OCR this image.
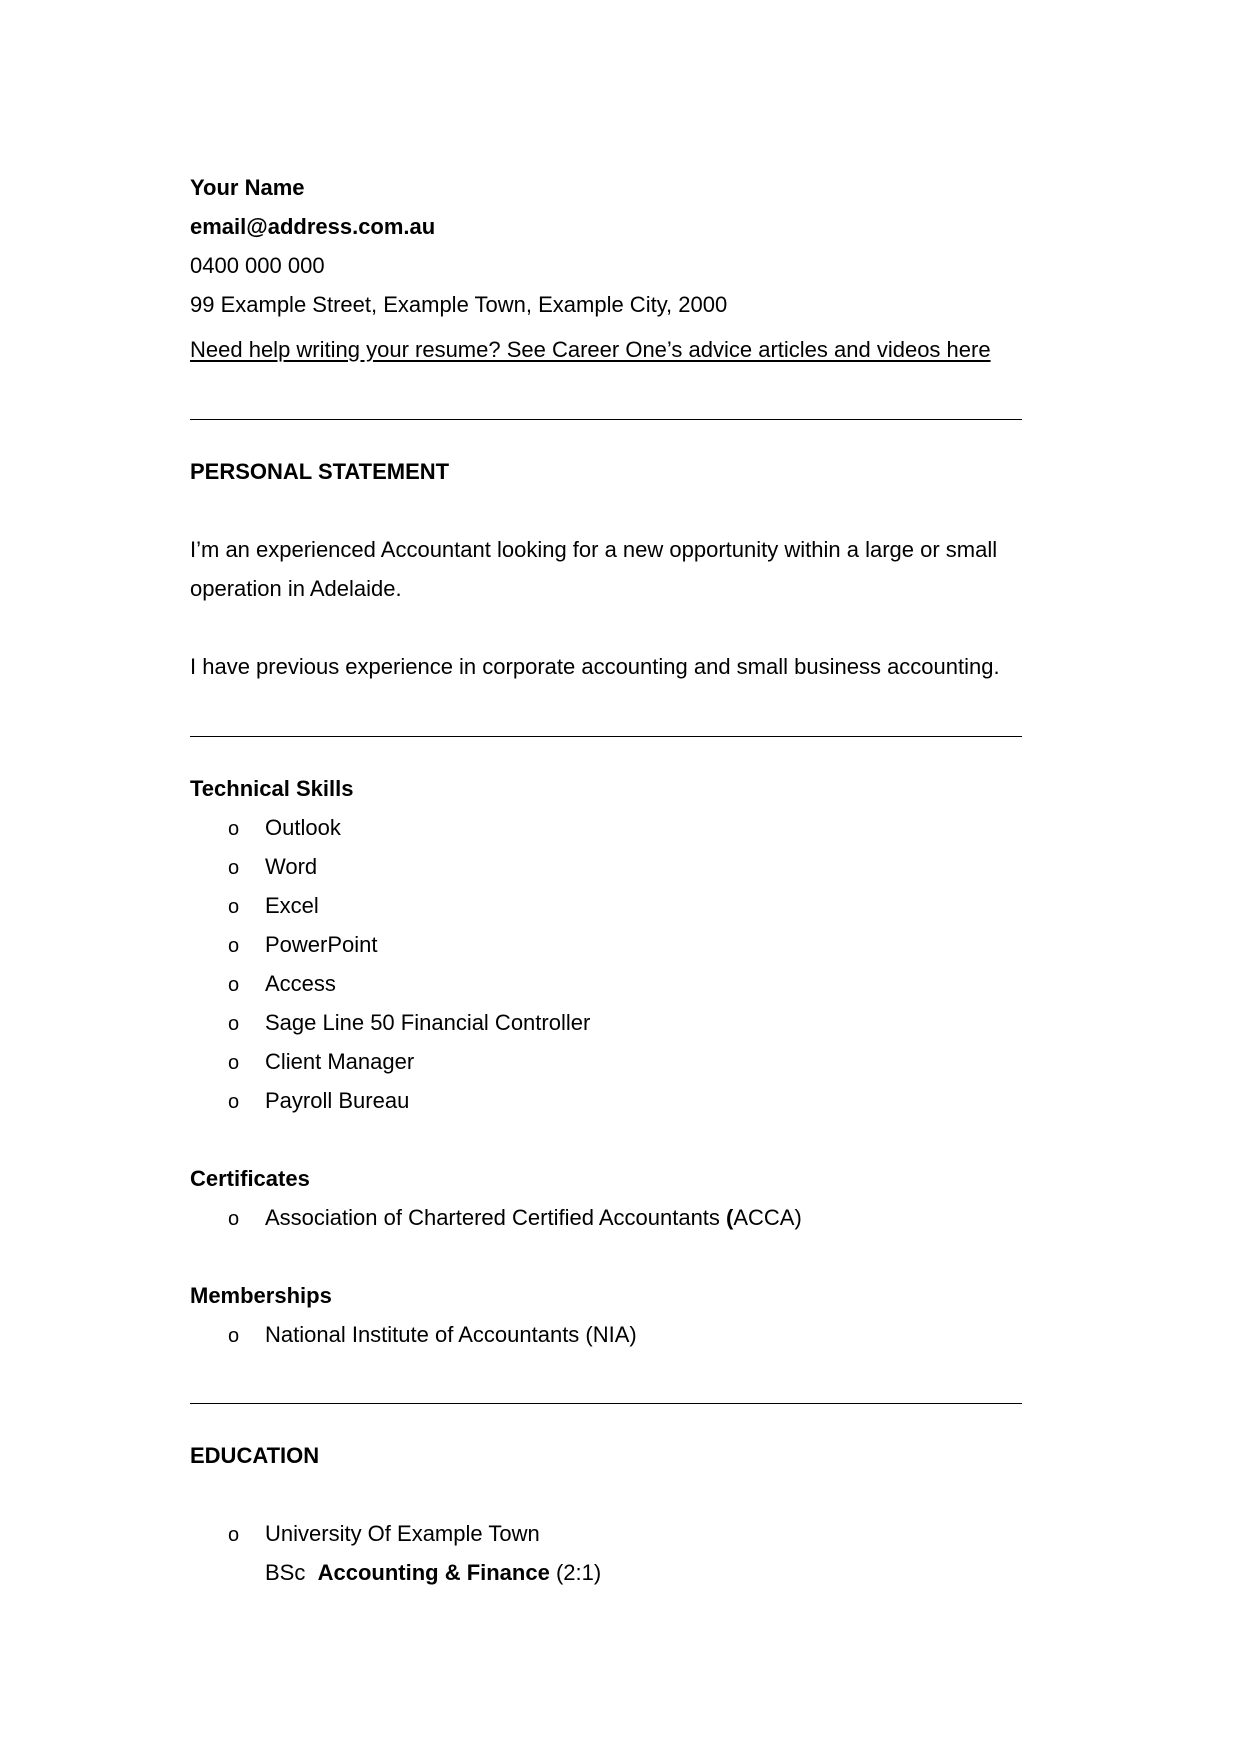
Your Name
email@address.com.au
0400 000 000
99 Example Street, Example Town, Example City, 2000
Need help writing your resume? See Career One’s advice articles and videos here
PERSONAL STATEMENT
I’m an experienced Accountant looking for a new opportunity within a large or small
operation in Adelaide.
I have previous experience in corporate accounting and small business accounting.
Technical Skills
o Outlook
o Word
o Excel
o PowerPoint
o Access
o Sage Line 50 Financial Controller
o Client Manager
o Payroll Bureau
Certificates
o Association of Chartered Certified Accountants (ACCA)
Memberships
o National Institute of Accountants (NIA)
EDUCATION
o University Of Example Town
BSc Accounting & Finance (2:1)
